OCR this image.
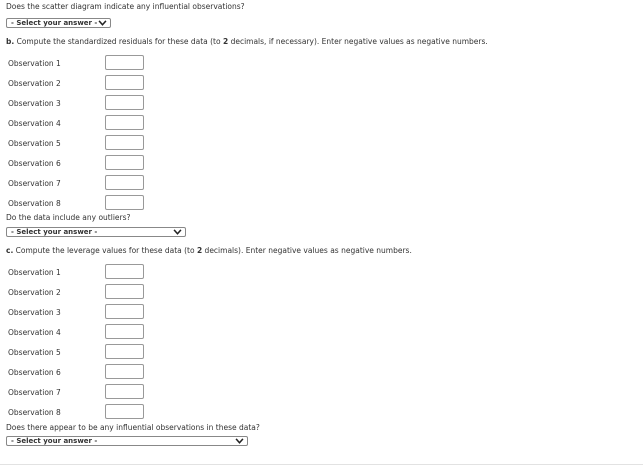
Does the scatter diagram indicate any influential observations?
- Select your answer -
b. Compute the standardized residuals for these data (to 2 decimals, if necessary). Enter negative values as negative numbers.
Observation 1
Observation 2
Observation 3
Observation 4
Observation 5
Observation 6
Observation 7
Observation 8
Do the data include any outliers?
- Select your answer -
c. Compute the leverage values for these data (to 2 decimals). Enter negative values as negative numbers.
Observation 1
Observation 2
Observation 3
Observation 4
Observation 5
Observation 6
Observation 7
Observation 8
Does there appear to be any influential observations in these data?
- Select your answer -
